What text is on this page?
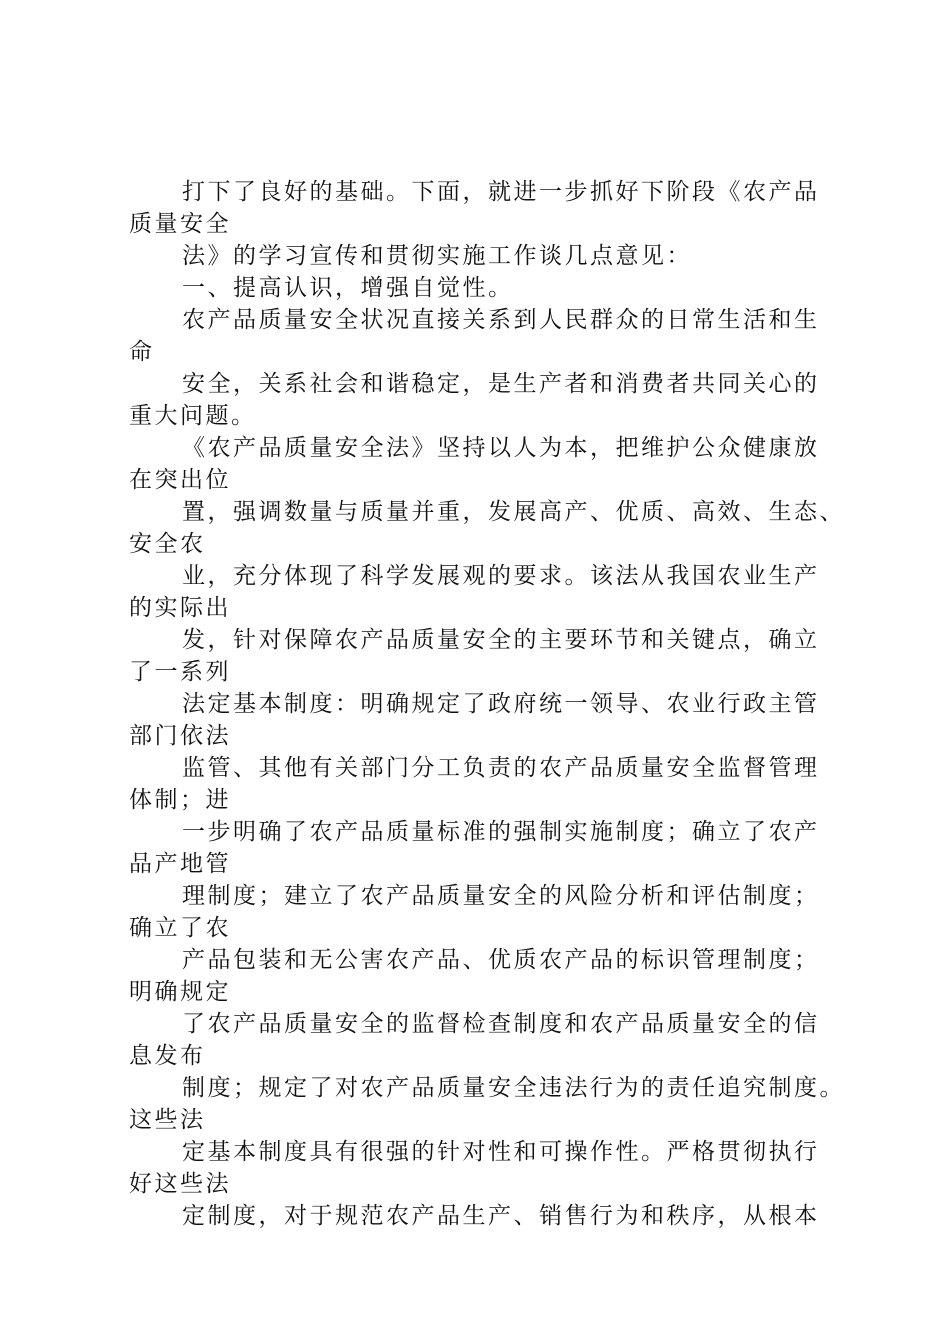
打下了良好的基础。下面，就进一步抓好下阶段《农产品
质量安全
法》的学习宣传和贯彻实施工作谈几点意见：
一、提高认识，增强自觉性。
农产品质量安全状况直接关系到人民群众的日常生活和生
命
安全，关系社会和谐稳定，是生产者和消费者共同关心的
重大问题。
《农产品质量安全法》坚持以人为本，把维护公众健康放
在突出位
置，强调数量与质量并重，发展高产、优质、高效、生态、
安全农
业，充分体现了科学发展观的要求。该法从我国农业生产
的实际出
发，针对保障农产品质量安全的主要环节和关键点，确立
了一系列
法定基本制度：明确规定了政府统一领导、农业行政主管
部门依法
监管、其他有关部门分工负责的农产品质量安全监督管理
体制；进
一步明确了农产品质量标准的强制实施制度；确立了农产
品产地管
理制度；建立了农产品质量安全的风险分析和评估制度；
确立了农
产品包装和无公害农产品、优质农产品的标识管理制度；
明确规定
了农产品质量安全的监督检查制度和农产品质量安全的信
息发布
制度；规定了对农产品质量安全违法行为的责任追究制度。
这些法
定基本制度具有很强的针对性和可操作性。严格贯彻执行
好这些法
定制度，对于规范农产品生产、销售行为和秩序，从根本
